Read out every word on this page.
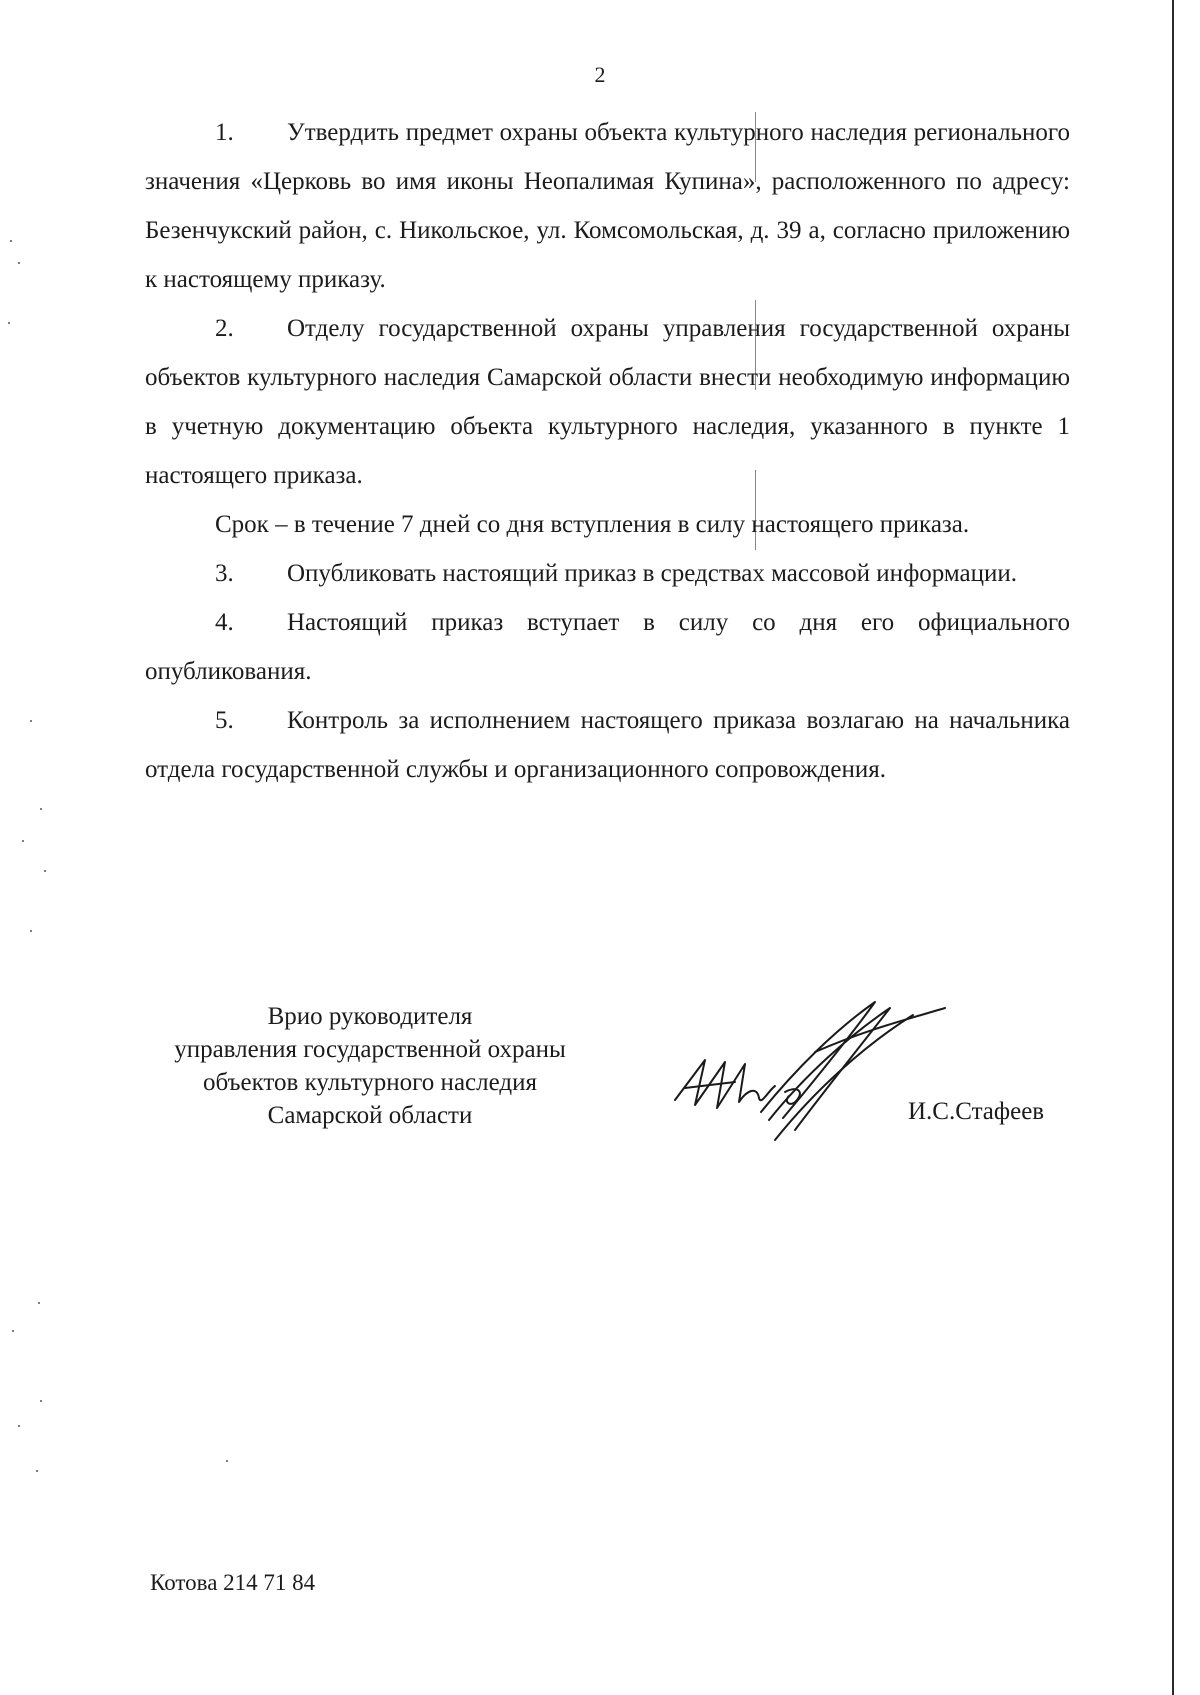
2

1. Утвердить предмет охраны объекта культурного наследия регионального значения «Церковь во имя иконы Неопалимая Купина», расположенного по адресу: Безенчукский район, с. Никольское, ул. Комсомольская, д. 39 а, согласно приложению к настоящему приказу.

2. Отделу государственной охраны управления государственной охраны объектов культурного наследия Самарской области внести необходимую информацию в учетную документацию объекта культурного наследия, указанного в пункте 1 настоящего приказа.

Срок – в течение 7 дней со дня вступления в силу настоящего приказа.

3. Опубликовать настоящий приказ в средствах массовой информации.

4. Настоящий приказ вступает в силу со дня его официального опубликования.

5. Контроль за исполнением настоящего приказа возлагаю на начальника отдела государственной службы и организационного сопровождения.

Врио руководителя
управления государственной охраны
объектов культурного наследия
Самарской области	И.С.Стафеев
Котова 214 71 84
